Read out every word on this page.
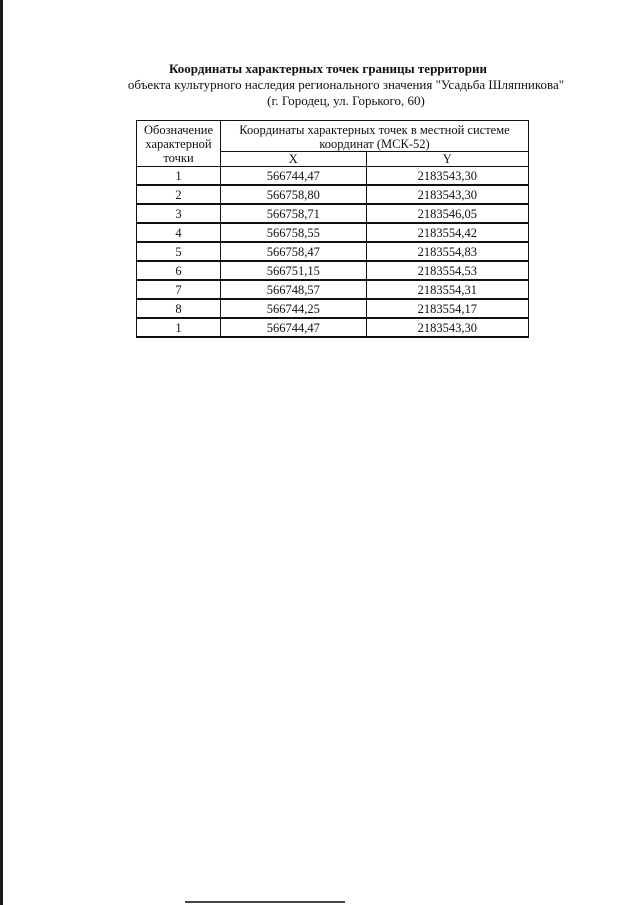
Координаты характерных точек границы территории
объекта культурного наследия регионального значения "Усадьба Шляпникова"
(г. Городец, ул. Горького, 60)
Обозначение
характерной
точки	Координаты характерных точек в местной системе координат (МСК-52)	
	X	Y
1	566744,47	2183543,30
2	566758,80	2183543,30
3	566758,71	2183546,05
4	566758,55	2183554,42
5	566758,47	2183554,83
6	566751,15	2183554,53
7	566748,57	2183554,31
8	566744,25	2183554,17
1	566744,47	2183543,30
